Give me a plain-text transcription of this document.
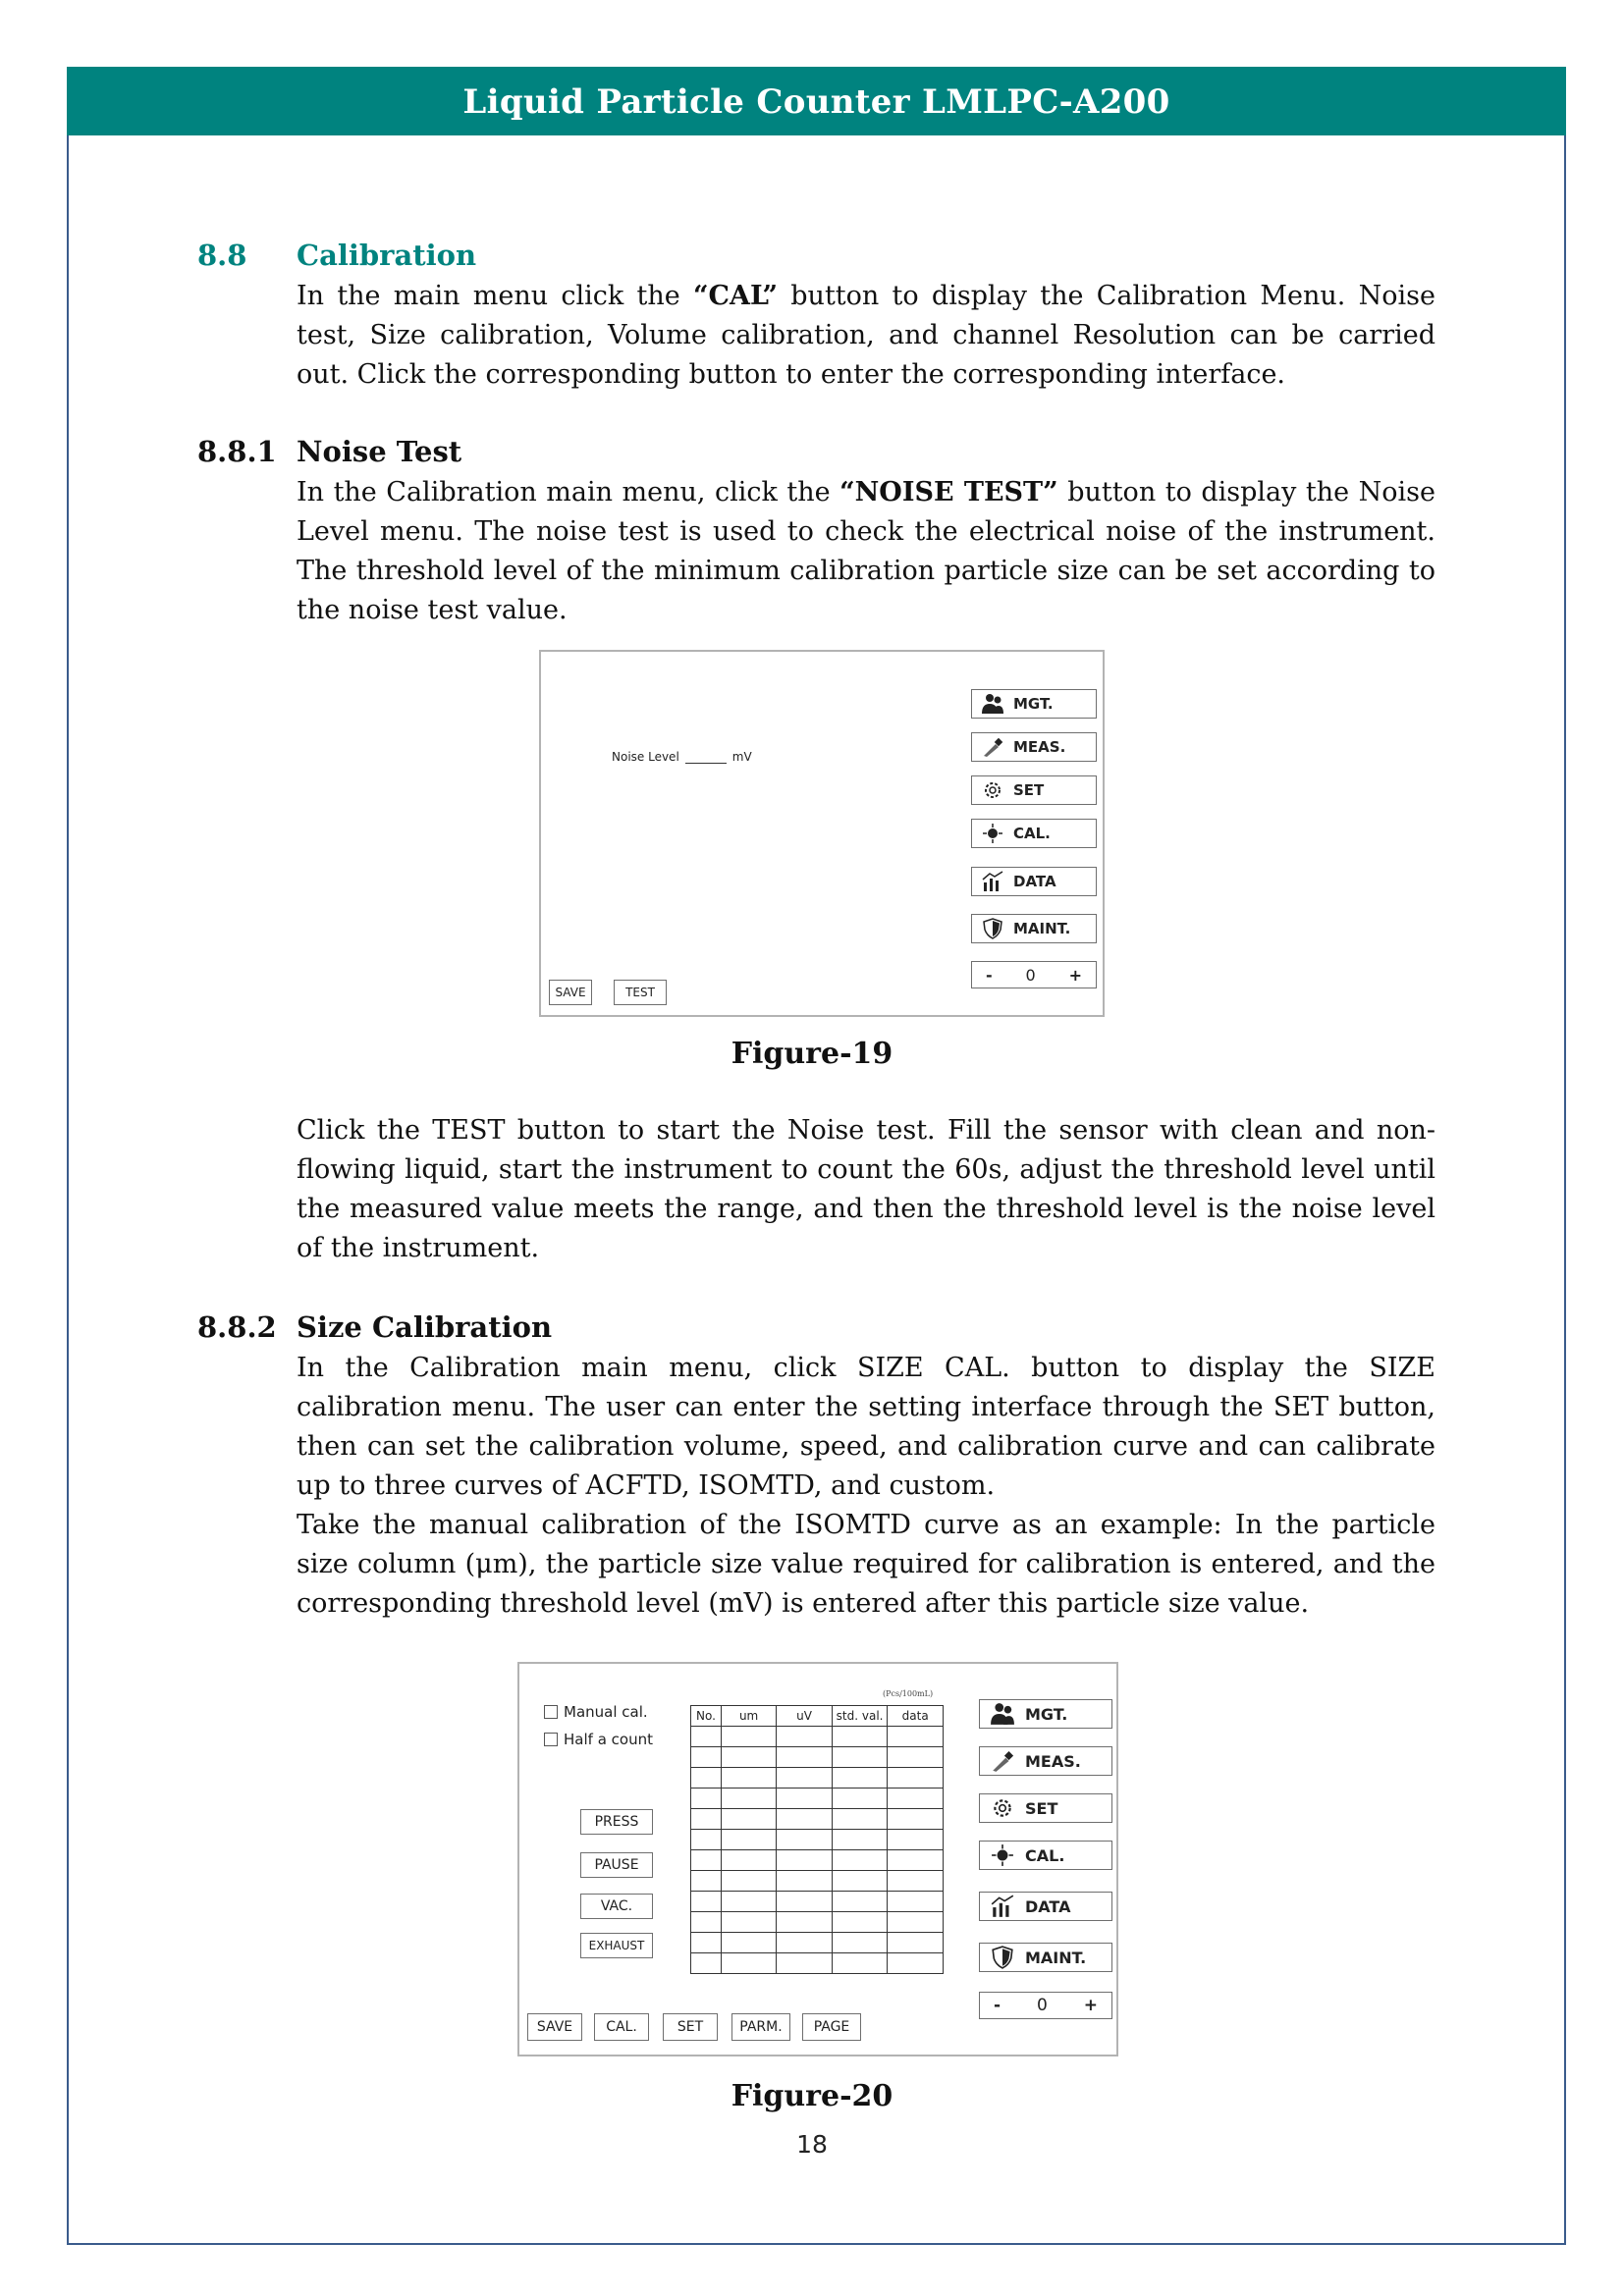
Liquid Particle Counter LMLPC-A200
8.8 Calibration

In the main menu click the “CAL” button to display the Calibration Menu. Noise test, Size calibration, Volume calibration, and channel Resolution can be carried out. Click the corresponding button to enter the corresponding interface.

8.8.1 Noise Test

In the Calibration main menu, click the “NOISE TEST” button to display the Noise Level menu. The noise test is used to check the electrical noise of the instrument. The threshold level of the minimum calibration particle size can be set according to the noise test value.

Noise Level	mV
MGT.
MEAS.
SET
CAL.
DATA
MAINT.
- 0 +
SAVE	TEST
Figure-19

Click the TEST button to start the Noise test. Fill the sensor with clean and non-flowing liquid, start the instrument to count the 60s, adjust the threshold level until the measured value meets the range, and then the threshold level is the noise level of the instrument.

8.8.2 Size Calibration

In the Calibration main menu, click SIZE CAL. button to display the SIZE calibration menu. The user can enter the setting interface through the SET button, then can set the calibration volume, speed, and calibration curve and can calibrate up to three curves of ACFTD, ISOMTD, and custom.

Take the manual calibration of the ISOMTD curve as an example: In the particle size column (μm), the particle size value required for calibration is entered, and the corresponding threshold level (mV) is entered after this particle size value.

(Pcs/100mL)
Manual cal.
Half a count
PRESS
PAUSE
VAC.
EXHAUST
No.	um	uV	std. val.	data

					MGT.
MEAS.
SET
CAL.
DATA
MAINT.
- 0 +
SAVE	CAL.	SET	PARM.	PAGE
Figure-20
18
